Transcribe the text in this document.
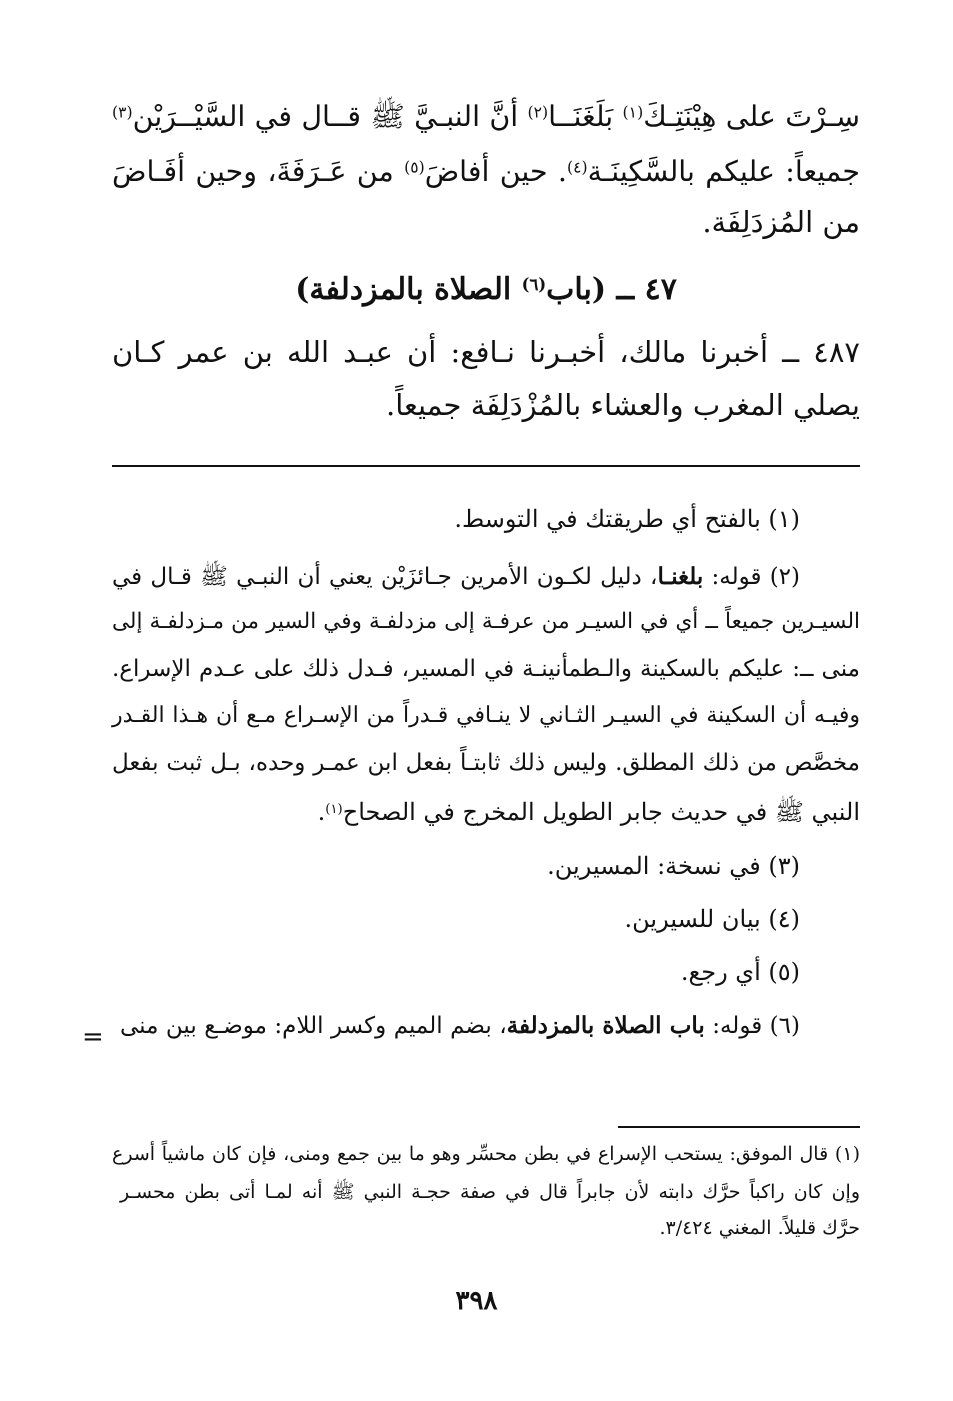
سِـرْتَ على هِيْنَتِـكَ$^{(١)}$ بَلَغَنَــا$^{(٢)}$ أنَّ النبـيَّ ﷺ قــال في السَّيْــرَيْن$^{(٣)}$
جميعاً: عليكم بالسَّكِينَـة$^{(٤)}$. حين أفاضَ$^{(٥)}$ من عَـرَفَةَ، وحين أفَـاضَ
من المُزدَلِفَة.
٤٧ ــ (باب$^{(٦)}$ الصلاة بالمزدلفة)
٤٨٧ ــ أخبرنا مالك، أخبـرنا نـافع: أن عبـد الله بن عمر كـان
يصلي المغرب والعشاء بالمُزْدَلِفَة جميعاً.
(١) بالفتح أي طريقتك في التوسط.
(٢) قوله: بلغنـا، دليل لكـون الأمرين جـائزَيْن يعني أن النبـي ﷺ قـال في
السيـرين جميعاً ــ أي في السيـر من عرفـة إلى مزدلفـة وفي السير من مـزدلفـة إلى
منى ــ: عليكم بالسكينة والـطمأنينـة في المسير، فـدل ذلك على عـدم الإسراع.
وفيـه أن السكينة في السيـر الثـاني لا ينـافي قـدراً من الإسـراع مـع أن هـذا القـدر
مخصَّص من ذلك المطلق. وليس ذلك ثابتـاً بفعل ابن عمـر وحده، بـل ثبت بفعل
النبي ﷺ في حديث جابر الطويل المخرج في الصحاح$^{(١)}$.
(٣) في نسخة: المسيرين.
(٤) بيان للسيرين.
(٥) أي رجع.
(٦) قوله: باب الصلاة بالمزدلفة، بضم الميم وكسر اللام: موضـع بين منى
=
(١) قال الموفق: يستحب الإسراع في بطن محسِّر وهو ما بين جمع ومنى، فإن كان ماشياً أسرع
وإن كان راكباً حرَّك دابته لأن جابراً قال في صفة حجـة النبي ﷺ أنه لمـا أتى بطن محسـر
حرَّك قليلاً. المغني ٣/٤٢٤.
٣٩٨
